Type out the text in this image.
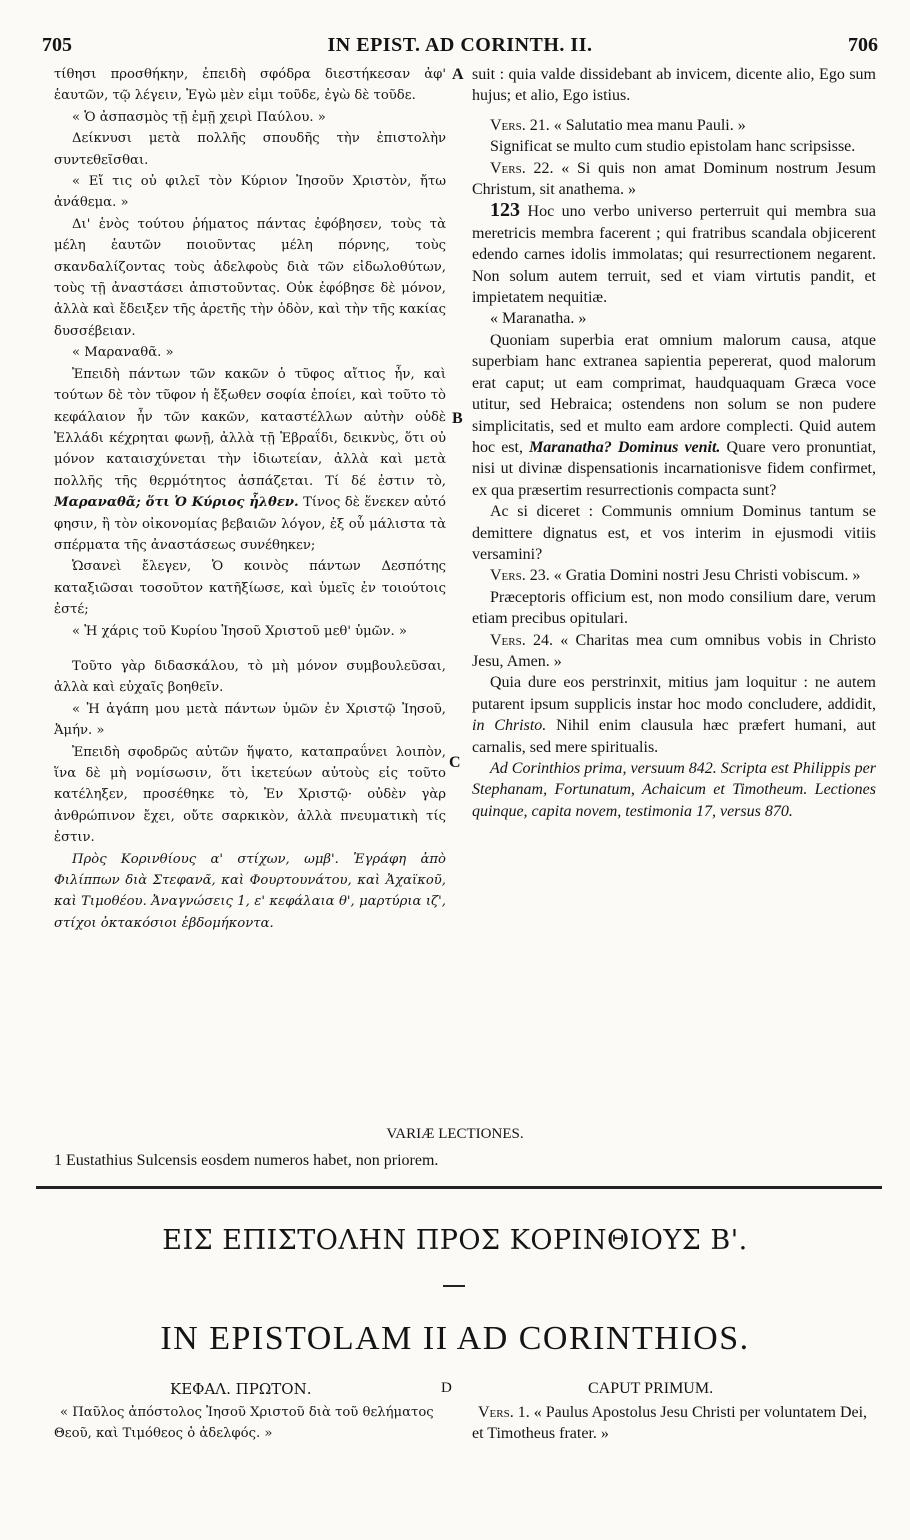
705	IN EPIST. AD CORINTH. II.	706
A
B
C

τίθησι προσθήκην, ἐπειδὴ σφόδρα διεστήκεσαν ἀφ' ἑαυτῶν, τῷ λέγειν, Ἐγὼ μὲν εἰμι τοῦδε, ἐγὼ δὲ τοῦδε.

« Ὁ ἀσπασμὸς τῇ ἐμῇ χειρὶ Παύλου. »

Δείκνυσι μετὰ πολλῆς σπουδῆς τὴν ἐπιστολὴν συντεθεῖσθαι.

« Εἴ τις οὐ φιλεῖ τὸν Κύριον Ἰησοῦν Χριστὸν, ἤτω ἀνάθεμα. »

Δι' ἑνὸς τούτου ῥήματος πάντας ἐφόβησεν, τοὺς τὰ μέλη ἑαυτῶν ποιοῦντας μέλη πόρνης, τοὺς σκανδαλίζοντας τοὺς ἀδελφοὺς διὰ τῶν εἰδωλοθύτων, τοὺς τῇ ἀναστάσει ἀπιστοῦντας. Οὐκ ἐφόβησε δὲ μόνον, ἀλλὰ καὶ ἔδειξεν τῆς ἀρετῆς τὴν ὁδὸν, καὶ τὴν τῆς κακίας δυσσέβειαν.

« Μαραναθᾶ. »

Ἐπειδὴ πάντων τῶν κακῶν ὁ τῦφος αἴτιος ἦν, καὶ τούτων δὲ τὸν τῦφον ἡ ἔξωθεν σοφία ἐποίει, καὶ τοῦτο τὸ κεφάλαιον ἦν τῶν κακῶν, καταστέλλων αὐτὴν οὐδὲ Ἑλλάδι κέχρηται φωνῇ, ἀλλὰ τῇ Ἑβραΐδι, δεικνὺς, ὅτι οὐ μόνον καταισχύνεται τὴν ἰδιωτείαν, ἀλλὰ καὶ μετὰ πολλῆς τῆς θερμότητος ἀσπάζεται. Τί δέ ἐστιν τὸ, Μαραναθᾶ; ὅτι Ὁ Κύριος ἦλθεν. Τίνος δὲ ἕνεκεν αὐτό φησιν, ἢ τὸν οἰκονομίας βεβαιῶν λόγον, ἐξ οὗ μάλιστα τὰ σπέρματα τῆς ἀναστάσεως συνέθηκεν;

Ὡσανεὶ ἔλεγεν, Ὁ κοινὸς πάντων Δεσπότης καταξιῶσαι τοσοῦτον κατῆξίωσε, καὶ ὑμεῖς ἐν τοιούτοις ἐστέ;

« Ἡ χάρις τοῦ Κυρίου Ἰησοῦ Χριστοῦ μεθ' ὑμῶν. »

Τοῦτο γὰρ διδασκάλου, τὸ μὴ μόνον συμβουλεῦσαι, ἀλλὰ καὶ εὐχαῖς βοηθεῖν.

« Ἡ ἀγάπη μου μετὰ πάντων ὑμῶν ἐν Χριστῷ Ἰησοῦ, Ἀμήν. »

Ἐπειδὴ σφοδρῶς αὐτῶν ἥψατο, καταπραΰνει λοιπὸν, ἵνα δὲ μὴ νομίσωσιν, ὅτι ἱκετεύων αὐτοὺς εἰς τοῦτο κατέληξεν, προσέθηκε τὸ, Ἐν Χριστῷ· οὐδὲν γὰρ ἀνθρώπινον ἔχει, οὔτε σαρκικὸν, ἀλλὰ πνευματικὴ τίς ἐστιν.

Πρὸς Κορινθίους α' στίχων, ωμβ'. Ἐγράφη ἀπὸ Φιλίππων διὰ Στεφανᾶ, καὶ Φουρτουνάτου, καὶ Ἀχαϊκοῦ, καὶ Τιμοθέου. Ἀναγνώσεις 1, ε' κεφάλαια θ', μαρτύρια ιζ', στίχοι ὀκτακόσιοι ἑβδομήκοντα.

suit : quia valde dissidebant ab invicem, dicente alio, Ego sum hujus; et alio, Ego istius.

Vers. 21. « Salutatio mea manu Pauli. »

Significat se multo cum studio epistolam hanc scripsisse.

Vers. 22. « Si quis non amat Dominum nostrum Jesum Christum, sit anathema. »

123 Hoc uno verbo universo perterruit qui membra sua meretricis membra facerent ; qui fratribus scandala objicerent edendo carnes idolis immolatas; qui resurrectionem negarent. Non solum autem terruit, sed et viam virtutis pandit, et impietatem nequitiæ.

« Maranatha. »

Quoniam superbia erat omnium malorum causa, atque superbiam hanc extranea sapientia pepererat, quod malorum erat caput; ut eam comprimat, haudquaquam Græca voce utitur, sed Hebraica; ostendens non solum se non pudere simplicitatis, sed et multo eam ardore complecti. Quid autem hoc est, Maranatha? Dominus venit. Quare vero pronuntiat, nisi ut divinæ dispensationis incarnationisve fidem confirmet, ex qua præsertim resurrectionis compacta sunt?

Ac si diceret : Communis omnium Dominus tantum se demittere dignatus est, et vos interim in ejusmodi vitiis versamini?

Vers. 23. « Gratia Domini nostri Jesu Christi vobiscum. »

Præceptoris officium est, non modo consilium dare, verum etiam precibus opitulari.

Vers. 24. « Charitas mea cum omnibus vobis in Christo Jesu, Amen. »

Quia dure eos perstrinxit, mitius jam loquitur : ne autem putarent ipsum supplicis instar hoc modo concludere, addidit, in Christo. Nihil enim clausula hæc præfert humani, aut carnalis, sed mere spiritualis.

Ad Corinthios prima, versuum 842. Scripta est Philippis per Stephanam, Fortunatum, Achaicum et Timotheum. Lectiones quinque, capita novem, testimonia 17, versus 870.

VARIÆ LECTIONES.
1 Eustathius Sulcensis eosdem numeros habet, non priorem.
ΕΙΣ ΕΠΙΣΤΟΛΗΝ ΠΡΟΣ ΚΟΡΙΝΘΙΟΥΣ Β'.
IN EPISTOLAM II AD CORINTHIOS.
ΚΕΦΑΛ. ΠΡΩΤΟΝ.	D	CAPUT PRIMUM.

« Παῦλος ἀπόστολος Ἰησοῦ Χριστοῦ διὰ τοῦ θελήματος Θεοῦ, καὶ Τιμόθεος ὁ ἀδελφός. »

Vers. 1. « Paulus Apostolus Jesu Christi per voluntatem Dei, et Timotheus frater. »
